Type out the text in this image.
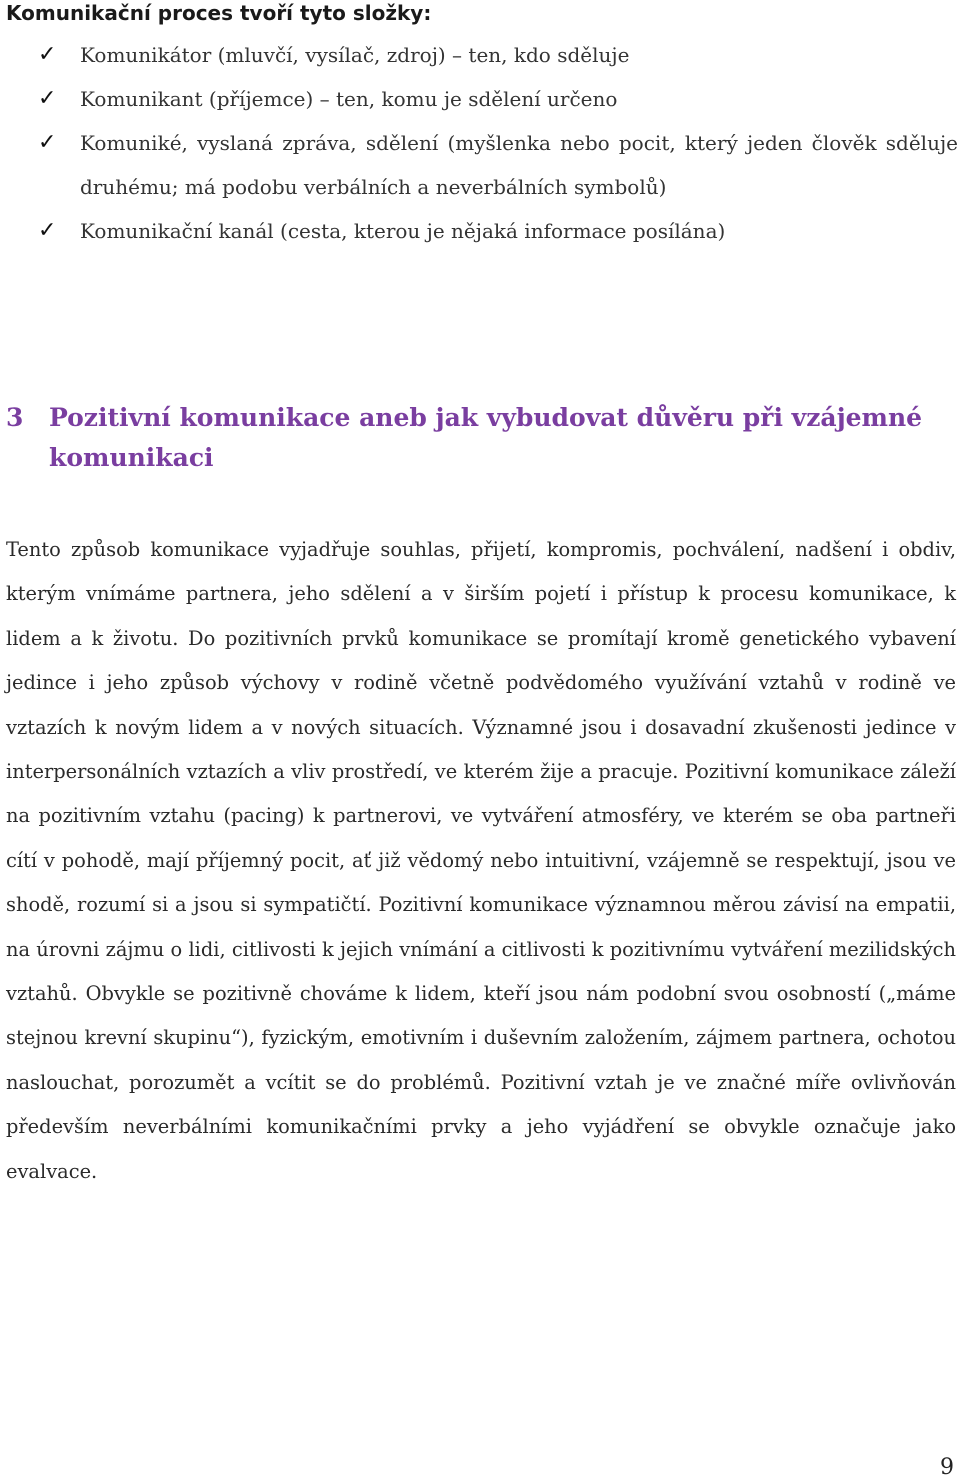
Komunikační proces tvoří tyto složky:
✓	Komunikátor (mluvčí, vysílač, zdroj) – ten, kdo sděluje
✓	Komunikant (příjemce) – ten, komu je sdělení určeno
✓	Komuniké, vyslaná zpráva, sdělení (myšlenka nebo pocit, který jeden člověk sděluje druhému; má podobu verbálních a neverbálních symbolů)
✓	Komunikační kanál (cesta, kterou je nějaká informace posílána)
3 Pozitivní komunikace aneb jak vybudovat důvěru při vzájemné komunikaci

Tento způsob komunikace vyjadřuje souhlas, přijetí, kompromis, pochválení, nadšení i obdiv, kterým vnímáme partnera, jeho sdělení a v širším pojetí i přístup k procesu komunikace, k lidem a k životu. Do pozitivních prvků komunikace se promítají kromě genetického vybavení jedince i jeho způsob výchovy v rodině včetně podvědomého využívání vztahů v rodině ve vztazích k novým lidem a v nových situacích. Významné jsou i dosavadní zkušenosti jedince v interpersonálních vztazích a vliv prostředí, ve kterém žije a pracuje. Pozitivní komunikace záleží na pozitivním vztahu (pacing) k partnerovi, ve vytváření atmosféry, ve kterém se oba partneři cítí v pohodě, mají příjemný pocit, ať již vědomý nebo intuitivní, vzájemně se respektují, jsou ve shodě, rozumí si a jsou si sympatičtí. Pozitivní komunikace významnou měrou závisí na empatii, na úrovni zájmu o lidi, citlivosti k jejich vnímání a citlivosti k pozitivnímu vytváření mezilidských vztahů. Obvykle se pozitivně chováme k lidem, kteří jsou nám podobní svou osobností („máme stejnou krevní skupinu“), fyzickým, emotivním i duševním založením, zájmem partnera, ochotou naslouchat, porozumět a vcítit se do problémů. Pozitivní vztah je ve značné míře ovlivňován především neverbálními komunikačními prvky a jeho vyjádření se obvykle označuje jako evalvace.

9
